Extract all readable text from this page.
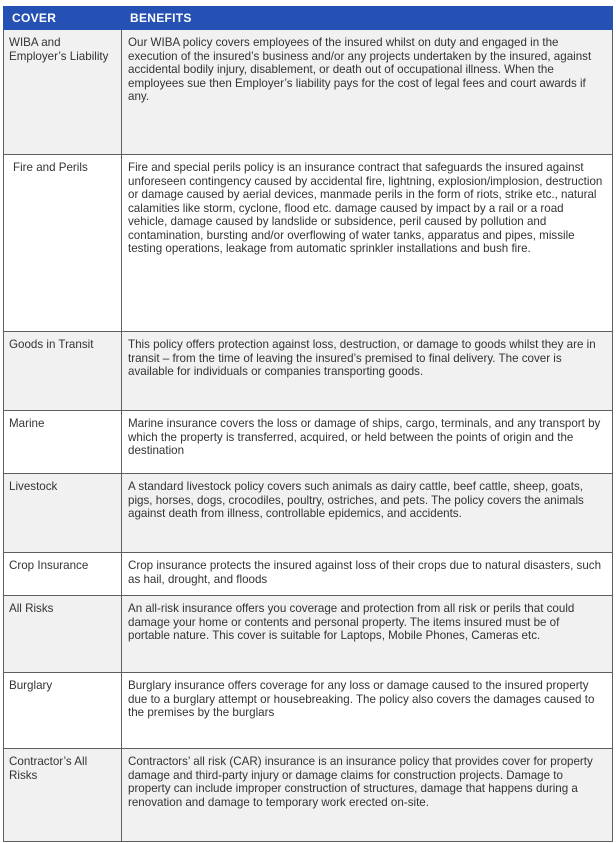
COVER	BENEFITS
WIBA and Employer’s Liability	Our WIBA policy covers employees of the insured whilst on duty and engaged in the execution of the insured’s business and/or any projects undertaken by the insured, against accidental bodily injury, disablement, or death out of occupational illness. When the employees sue then Employer’s liability pays for the cost of legal fees and court awards if any.
Fire and Perils	Fire and special perils policy is an insurance contract that safeguards the insured against unforeseen contingency caused by accidental fire, lightning, explosion/implosion, destruction or damage caused by aerial devices, manmade perils in the form of riots, strike etc., natural calamities like storm, cyclone, flood etc. damage caused by impact by a rail or a road vehicle, damage caused by landslide or subsidence, peril caused by pollution and contamination, bursting and/or overflowing of water tanks, apparatus and pipes, missile testing operations, leakage from automatic sprinkler installations and bush fire.
Goods in Transit	This policy offers protection against loss, destruction, or damage to goods whilst they are in transit – from the time of leaving the insured’s premised to final delivery. The cover is available for individuals or companies transporting goods.
Marine	Marine insurance covers the loss or damage of ships, cargo, terminals, and any transport by which the property is transferred, acquired, or held between the points of origin and the destination
Livestock	A standard livestock policy covers such animals as dairy cattle, beef cattle, sheep, goats, pigs, horses, dogs, crocodiles, poultry, ostriches, and pets. The policy covers the animals against death from illness, controllable epidemics, and accidents.
Crop Insurance	Crop insurance protects the insured against loss of their crops due to natural disasters, such as hail, drought, and floods
All Risks	An all-risk insurance offers you coverage and protection from all risk or perils that could damage your home or contents and personal property. The items insured must be of portable nature. This cover is suitable for Laptops, Mobile Phones, Cameras etc.
Burglary	Burglary insurance offers coverage for any loss or damage caused to the insured property due to a burglary attempt or housebreaking. The policy also covers the damages caused to the premises by the burglars
Contractor’s All Risks	Contractors’ all risk (CAR) insurance is an insurance policy that provides cover for property damage and third-party injury or damage claims for construction projects. Damage to property can include improper construction of structures, damage that happens during a renovation and damage to temporary work erected on-site.
